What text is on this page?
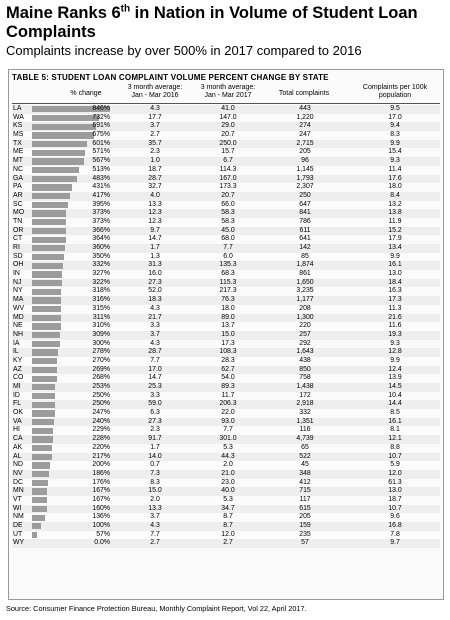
Maine Ranks 6th in Nation in Volume of Student Loan Complaints
Complaints increase by over 500% in 2017 compared to 2016
TABLE 5: STUDENT LOAN COMPLAINT VOLUME PERCENT CHANGE BY STATE
% change
3 month average:
Jan - Mar 2016
3 month average:
Jan - Mar 2017	Total complaints
Complaints per 100k
population
LA	846%	4.3	41.0	443	9.5
WA	732%	17.7	147.0	1,220	17.0
KS	691%	3.7	29.0	274	9.4
MS	675%	2.7	20.7	247	8.3
TX	601%	35.7	250.0	2,715	9.9
ME	571%	2.3	15.7	205	15.4
MT	567%	1.0	6.7	96	9.3
NC	513%	18.7	114.3	1,145	11.4
GA	483%	28.7	167.0	1,793	17.6
PA	431%	32.7	173.3	2,307	18.0
AR	417%	4.0	20.7	250	8.4
SC	395%	13.3	66.0	647	13.2
MO	373%	12.3	58.3	841	13.8
TN	373%	12.3	58.3	786	11.9
OR	366%	9.7	45.0	611	15.2
CT	364%	14.7	68.0	641	17.9
RI	360%	1.7	7.7	142	13.4
SD	350%	1.3	6.0	85	9.9
OH	332%	31.3	135.3	1,874	16.1
IN	327%	16.0	68.3	861	13.0
NJ	322%	27.3	115.3	1,650	18.4
NY	318%	52.0	217.3	3,235	16.3
MA	316%	18.3	76.3	1,177	17.3
WV	315%	4.3	18.0	208	11.3
MD	311%	21.7	89.0	1,300	21.6
NE	310%	3.3	13.7	220	11.6
NH	309%	3.7	15.0	257	19.3
IA	300%	4.3	17.3	292	9.3
IL	278%	28.7	108.3	1,643	12.8
KY	270%	7.7	28.3	438	9.9
AZ	269%	17.0	62.7	850	12.4
CO	268%	14.7	54.0	758	13.9
MI	253%	25.3	89.3	1,438	14.5
ID	250%	3.3	11.7	172	10.4
FL	250%	59.0	206.3	2,918	14.4
OK	247%	6.3	22.0	332	8.5
VA	240%	27.3	93.0	1,351	16.1
HI	229%	2.3	7.7	116	8.1
CA	228%	91.7	301.0	4,739	12.1
AK	220%	1.7	5.3	65	8.8
AL	217%	14.0	44.3	522	10.7
ND	200%	0.7	2.0	45	5.9
NV	186%	7.3	21.0	348	12.0
DC	176%	8.3	23.0	412	61.3
MN	167%	15.0	40.0	715	13.0
VT	167%	2.0	5.3	117	18.7
WI	160%	13.3	34.7	615	10.7
NM	136%	3.7	8.7	205	9.6
DE	100%	4.3	8.7	159	16.8
UT	57%	7.7	12.0	235	7.8
WY	0.0%	2.7	2.7	57	9.7
Source: Consumer Finance Protection Bureau, Monthly Complaint Report, Vol 22, April 2017.
